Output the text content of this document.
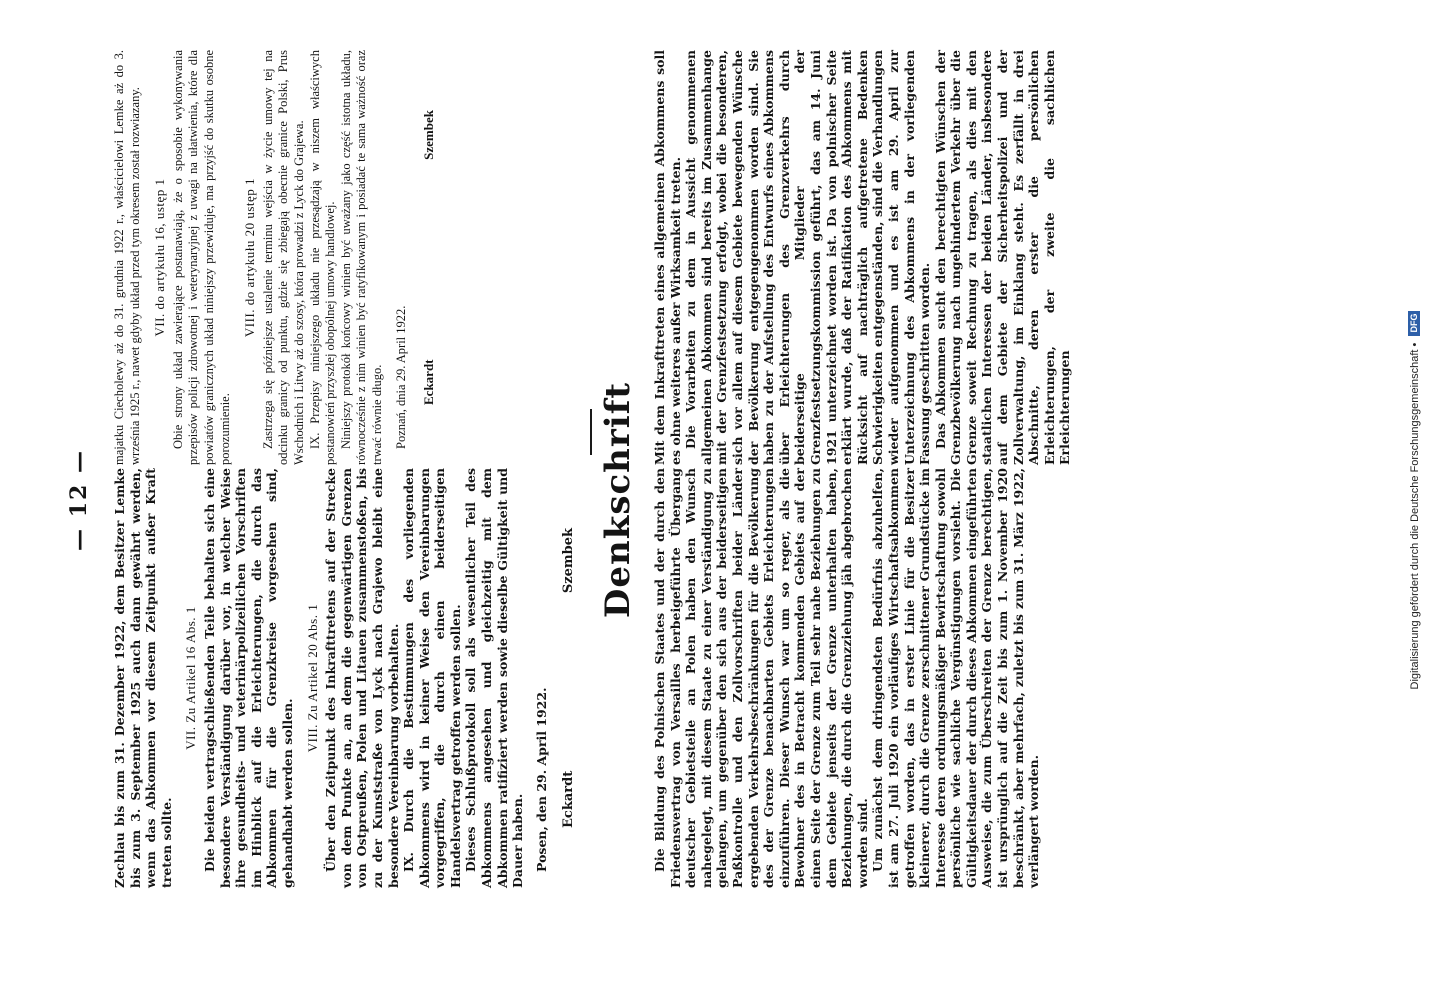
— 12 — Zechlau bis zum 31. Dezember 1922, dem Besitzer Lemke bis zum 3. September 1925 auch dann gewährt werden, wenn das Abkommen vor diesem Zeitpunkt außer Kraft treten sollte.

VII. Zu Artikel 16 Abs. 1 Die beiden vertragschließenden Teile behalten sich eine besondere Verständigung darüber vor, in welcher Weise ihre gesundheits- und veterinärpolizeilichen Vorschriften im Hinblick auf die Erleichterungen, die durch das Abkommen für die Grenzkreise vorgesehen sind, gehandhabt werden sollen.

VIII. Zu Artikel 20 Abs. 1 Über den Zeitpunkt des Inkrafttretens auf der Strecke von dem Punkte an, an dem die gegenwärtigen Grenzen von Ostpreußen, Polen und Litauen zusammenstoßen, bis zu der Kunststraße von Lyck nach Grajewo bleibt eine besondere Vereinbarung vorbehalten. IX. Durch die Bestimmungen des vorliegenden Abkommens wird in keiner Weise den Vereinbarungen vorgegriffen, die durch einen beiderseitigen Handelsvertrag getroffen werden sollen. Dieses Schlußprotokoll soll als wesentlicher Teil des Abkommens angesehen und gleichzeitig mit dem Abkommen ratifiziert werden sowie dieselbe Gültigkeit und Dauer haben. Posen, den 29. April 1922. Eckardt
Szembek

majatku Ciecholewy aż do 31. grudnia 1922 r., właścicielowi Lemke aż do 3. września 1925 r., nawet gdyby układ przed tym okresem został rozwiazany. VII. do artykułu 16, ustęp 1 Obie strony układ zawierające postanawiają, że o sposobie wykonywania przepisów policji zdrowotnej i weterynaryjnej z uwagi na ułatwienia, które dla powiatów granicznych układ niniejszy przewiduje, ma przyjść do skutku osobne porozumienie.

VIII. do artykułu 20 ustęp 1 Zastrzega się późniejsze ustalenie terminu wejścia w życie umowy tej na odcinku granicy od punktu, gdzie się zbiegają obecnie granice Polski, Prus Wschodnich i Litwy aż do szosy, która prowadzi z Lyck do Grajewa. IX. Przepisy niniejszego układu nie przesądzają w niszem właściwych postanowień przyszłej obopólnej umowy handlowej. Niniejszy protokół końcowy winien być uważany jako część istotna układu, równocześnie z nim winien być ratyfikowanym i posiadać te sama ważność oraz trwać równie długo. Poznań, dnia 29. April 1922. Eckardt
Szembek
Denkschrift Die Bildung des Polnischen Staates und der durch den Friedensvertrag von Versailles herbeigeführte Übergang deutscher Gebietsteile an Polen haben den Wunsch nahegelegt, mit diesem Staate zu einer Verständigung zu gelangen, um gegenüber den sich aus der beiderseitigen Paßkontrolle und den Zollvorschriften beider Länder ergebenden Verkehrsbeschränkungen für die Bevölkerung des der Grenze benachbarten Gebiets Erleichterungen einzuführen. Dieser Wunsch war um so reger, als die Bewohner des in Betracht kommenden Gebiets auf der einen Seite der Grenze zum Teil sehr nahe Beziehungen zu dem Gebiete jenseits der Grenze unterhalten haben, Beziehungen, die durch die Grenzziehung jäh abgebrochen worden sind. Um zunächst dem dringendsten Bedürfnis abzuhelfen, ist am 27. Juli 1920 ein vorläufiges Wirtschaftsabkommen getroffen worden, das in erster Linie für die Besitzer kleinerer, durch die Grenze zerschnittener Grundstücke im Interesse deren ordnungsmäßiger Bewirtschaftung sowohl persönliche wie sachliche Vergünstigungen vorsieht. Die Gültigkeitsdauer der durch dieses Abkommen eingeführten Ausweise, die zum Überschreiten der Grenze berechtigen, ist ursprünglich auf die Zeit bis zum 1. November 1920 beschränkt, aber mehrfach, zuletzt bis zum 31. März 1922, verlängert worden.

Mit dem Inkrafttreten eines allgemeinen Abkommens soll es ohne weiteres außer Wirksamkeit treten. Die Vorarbeiten zu dem in Aussicht genommenen allgemeinen Abkommen sind bereits im Zusammenhange mit der Grenzfestsetzung erfolgt, wobei die besonderen, sich vor allem auf diesem Gebiete bewegenden Wünsche der Bevölkerung entgegengenommen worden sind. Sie haben zu der Aufstellung des Entwurfs eines Abkommens über Erleichterungen des Grenzverkehrs durch beiderseitige Mitglieder der Grenzfestsetzungskommission geführt, das am 14. Juni 1921 unterzeichnet worden ist. Da von polnischer Seite erklärt wurde, daß der Ratifikation des Abkommens mit Rücksicht auf nachträglich aufgetretene Bedenken Schwierigkeiten entgegenständen, sind die Verhandlungen wieder aufgenommen und es ist am 29. April zur Unterzeichnung des Abkommens in der vorliegenden Fassung geschritten worden. Das Abkommen sucht den berechtigten Wünschen der Grenzbevölkerung nach ungehindertem Verkehr über die Grenze soweit Rechnung zu tragen, als dies mit den staatlichen Interessen der beiden Länder, insbesondere auf dem Gebiete der Sicherheitspolizei und der Zollverwaltung, im Einklang steht. Es zerfällt in drei Abschnitte, deren erster die persönlichen Erleichterungen, der zweite die sachlichen Erleichterungen	Digitalisierung gefördert durch die Deutsche Forschungsgemeinschaft • DFG
